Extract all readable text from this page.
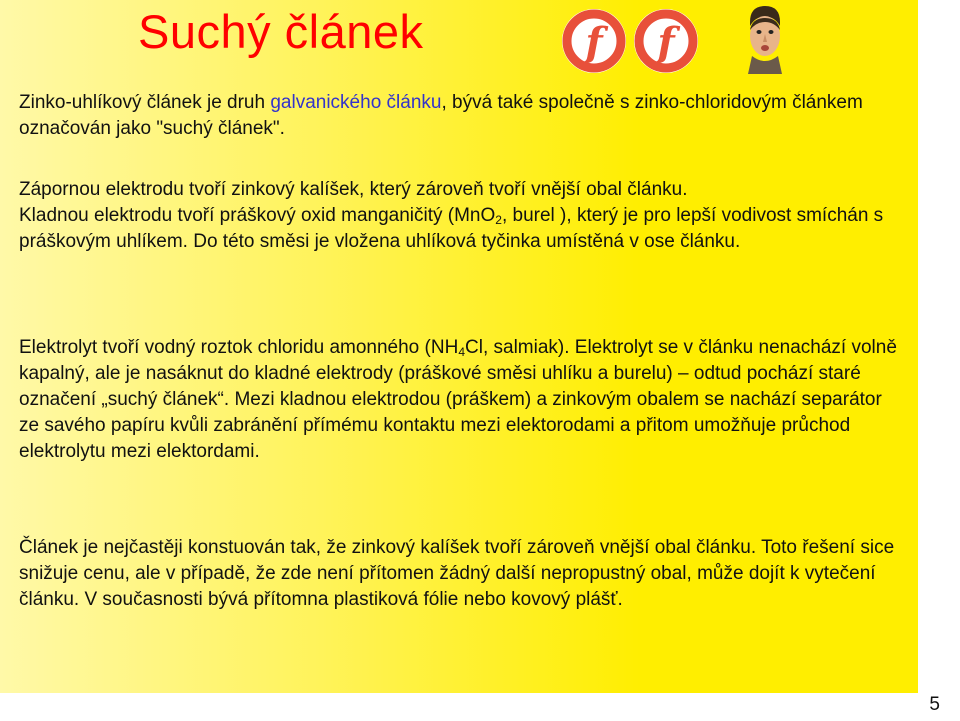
Suchý článek	f f

Zinko-uhlíkový článek je druh galvanického článku, bývá také společně s zinko-chloridovým článkem označován jako "suchý článek".

Zápornou elektrodu tvoří zinkový kalíšek, který zároveň tvoří vnější obal článku.
Kladnou elektrodu tvoří práškový oxid manganičitý (MnO$_2$, burel ), který je pro lepší vodivost smíchán s práškovým uhlíkem. Do této směsi je vložena uhlíková tyčinka umístěná v ose článku.

Elektrolyt tvoří vodný roztok chloridu amonného ($NH_4Cl$, salmiak). Elektrolyt se v článku nenachází volně kapalný, ale je nasáknut do kladné elektrody (práškové směsi uhlíku a burelu) – odtud pochází staré označení „suchý článek“. Mezi kladnou elektrodou (práškem) a zinkovým obalem se nachází separátor ze savého papíru kvůli zabránění přímému kontaktu mezi elektorodami a přitom umožňuje průchod elektrolytu mezi elektordami.

Článek je nejčastěji konstuován tak, že zinkový kalíšek tvoří zároveň vnější obal článku. Toto řešení sice snižuje cenu, ale v případě, že zde není přítomen žádný další nepropustný obal, může dojít k vytečení článku. V současnosti bývá přítomna plastiková fólie nebo kovový plášť.

5
